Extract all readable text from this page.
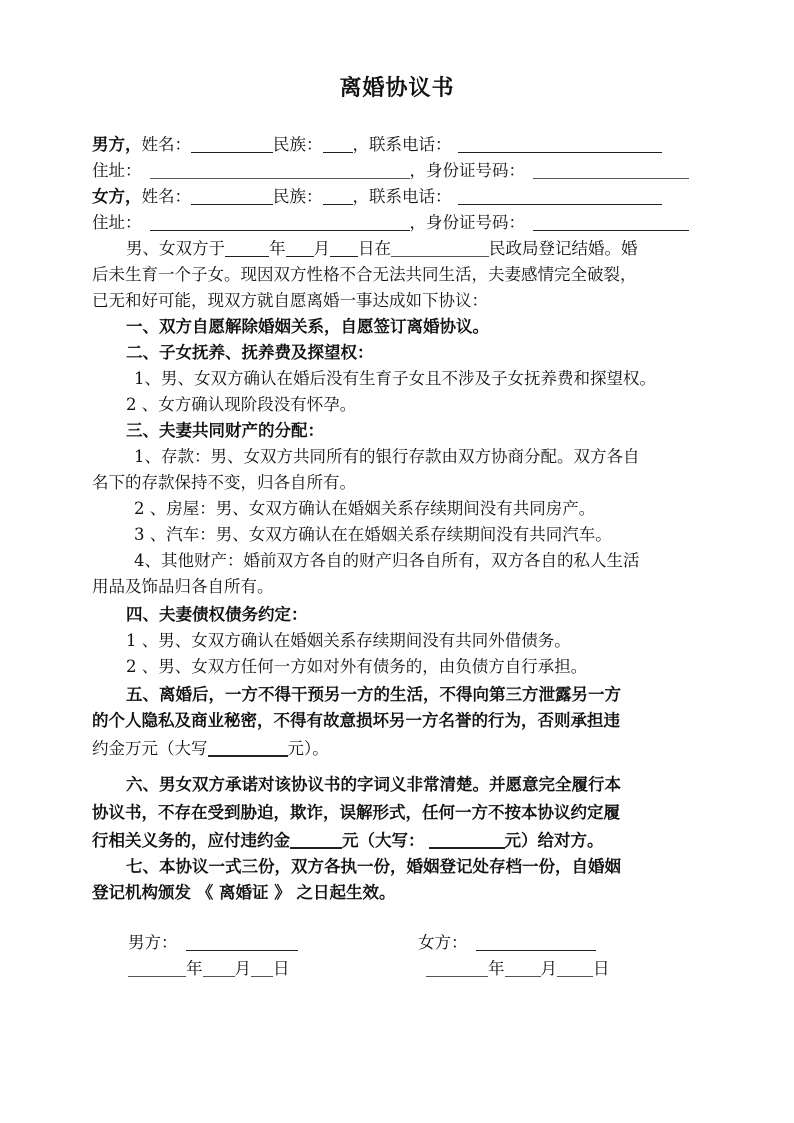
离婚协议书
男方，姓名：	民族： ，联系电话：
住址：	，身份证号码：
女方，姓名：	民族： ，联系电话：
住址：	，身份证号码：
男、女双方于	年 月 日在	民政局登记结婚。婚
后未生育一个子女。现因双方性格不合无法共同生活，夫妻感情完全破裂，
已无和好可能，现双方就自愿离婚一事达成如下协议：
一、双方自愿解除婚姻关系，自愿签订离婚协议。
二、子女抚养、抚养费及探望权：
1、男、女双方确认在婚后没有生育子女且不涉及子女抚养费和探望权。
2 、女方确认现阶段没有怀孕。
三、夫妻共同财产的分配：
1、存款：男、女双方共同所有的银行存款由双方协商分配。双方各自
名下的存款保持不变，归各自所有。
2 、房屋：男、女双方确认在婚姻关系存续期间没有共同房产。
3 、汽车：男、女双方确认在在婚姻关系存续期间没有共同汽车。
4、其他财产：婚前双方各自的财产归各自所有，双方各自的私人生活
用品及饰品归各自所有。
四、夫妻债权债务约定：
1 、男、女双方确认在婚姻关系存续期间没有共同外借债务。
2 、男、女双方任何一方如对外有债务的，由负债方自行承担。
五、离婚后，一方不得干预另一方的生活，不得向第三方泄露另一方
的个人隐私及商业秘密，不得有故意损坏另一方名誉的行为，否则承担违
约金万元（大写	元）。
六、男女双方承诺对该协议书的字词义非常清楚。并愿意完全履行本
协议书，不存在受到胁迫，欺诈，误解形式，任何一方不按本协议约定履
行相关义务的，应付违约金	元（大写：	元）给对方。
七、本协议一式三份，双方各执一份，婚姻登记处存档一份，自婚姻
登记机构颁发 《 离婚证 》 之日起生效。
男方：
年 月 日
女方：
年 月 日
